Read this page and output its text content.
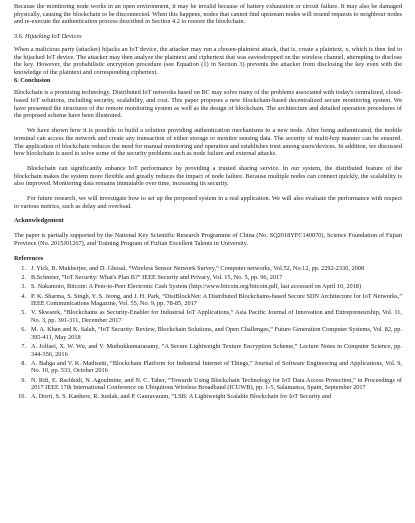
Because the monitoring node works in an open environment, it may be invalid because of battery exhaustion or circuit failure. It may also be damaged physically, causing the blockchain to be disconnected. When this happens, nodes that cannot find upstream nodes will resend requests to neighbour nodes and re-execute the authentication process described in Section 4.2 to restore the blockchain.

3.6. Hijacking IoT Devices

When a malicious party (attacker) hijacks an IoT device, the attacker may run a chosen-plaintext attack, that is, create a plaintext, x, which is then fed to the hijacked IoT device. The attacker may then analyze the plaintext and ciphertext that was eavesdropped on the wireless channel, attempting to disclose the key. However, the probabilistic encryption procedure (see Equation (1) in Section 3) prevents the attacker from disclosing the key even with the knowledge of the plaintext and corresponding ciphertext.

6. Conclusion

Blockchain is a promising technology. Distributed IoT networks based on BC may solve many of the problems associated with today's centralized, cloud-based IoT solutions, including security, scalability, and cost. This paper proposes a new blockchain-based decentralized secure monitoring system. We have presented the structures of the remote monitoring system as well as the design of blockchain. The architecture and detailed operation procedures of the proposed scheme have been illustrated.

We have shown how it is possible to build a solution providing authentication mechanisms to a new node. After being authenticated, the mobile terminal can access the network and create any transaction of either storage or monitor sensing data. The security of multi-hop manner can be ensured. The application of blockchain reduces the need for manual monitoring and operation and establishes trust among users/devices. In addition, we discussed how blockchain is used to solve some of the security problems such as node failure and external attacks.

Blockchain can significantly enhance IoT performance by providing a trusted sharing service. In our system, the distributed feature of the blockchain makes the system more flexible and greatly reduces the impact of node failure. Because multiple nodes can connect quickly, the scalability is also improved. Monitoring data remains immutable over time, increasing its security.

For future research, we will investigate how to set up the proposed system in a real application. We will also evaluate the performance with respect to various metrics, such as delay and overload.

Acknowledgement

The paper is partially supported by the National Key Scientific Research Programme of China (No. SQ2018YFC140070), Science Foundation of Fujian Province (No. 2015J01267), and Training Program of FuJian Excellent Talents in University.

References

1. J. Yick, B. Mukherjee, and D. Ghosal, “Wireless Sensor Network Survey,” Computer networks, Vol.52, No.12, pp. 2292-2330, 2008
2. B.Schneier, “IoT Security: What's Plan B?” IEEE Security and Privacy, Vol. 15, No. 5, pp. 96, 2017
3. S. Nakamoto, Bitcoin: A Peer-to-Peer Electronic Cash System (http://www.bitcoin.org/bitcoin.pdf, last accessed on April 10, 2018)
4. P. K. Sharma, S. Singh, Y. S. Jeong, and J. H. Park, “DistBlockNet: A Distributed Blockchains-based Secure SDN Architecture for IoT Networks,” IEEE Communications Magazine, Vol. 55, No. 9, pp. 78-85, 2017
5. V. Skwarek, “Blockchains as Security-Enabler for Industrial IoT Applications,” Asia Pacific Journal of Innovation and Entrepreneurship, Vol. 11, No. 3, pp. 301-311, December 2017
6. M. A. Khan and K. Salah, “IoT Security: Review, Blockchain Solutions, and Open Challenges,” Future Generation Computer Systems, Vol. 82, pp. 395-411, May 2018
7. A. Jolfaei, X. W. Wu, and V. Muthukkumarasamy, “A Secure Lightweight Texture Encryption Scheme,” Lecture Notes in Computer Science, pp. 344-356, 2016
8. A. Bahga and V. K. Madisetti, “Blockchain Platform for Industrial Internet of Things,” Journal of Software Engineering and Applications, Vol. 9, No. 10, pp. 533, October 2016
9. N. Rifi, E. Rachkidi, N. Agoulmine, and N. C. Taher, “Towards Using Blockchain Technology for IoT Data Access Protection,” in Proceedings of 2017 IEEE 17th International Conference on Ubiquitous Wireless Broadband (ICUWB), pp. 1-5, Salamanca, Spain, September 2017
10. A. Dorri, S. S. Kanhere, R. Jurdak, and P. Gauravaram, “LSB: A Lightweight Scalable Blockchain for IoT Security and
